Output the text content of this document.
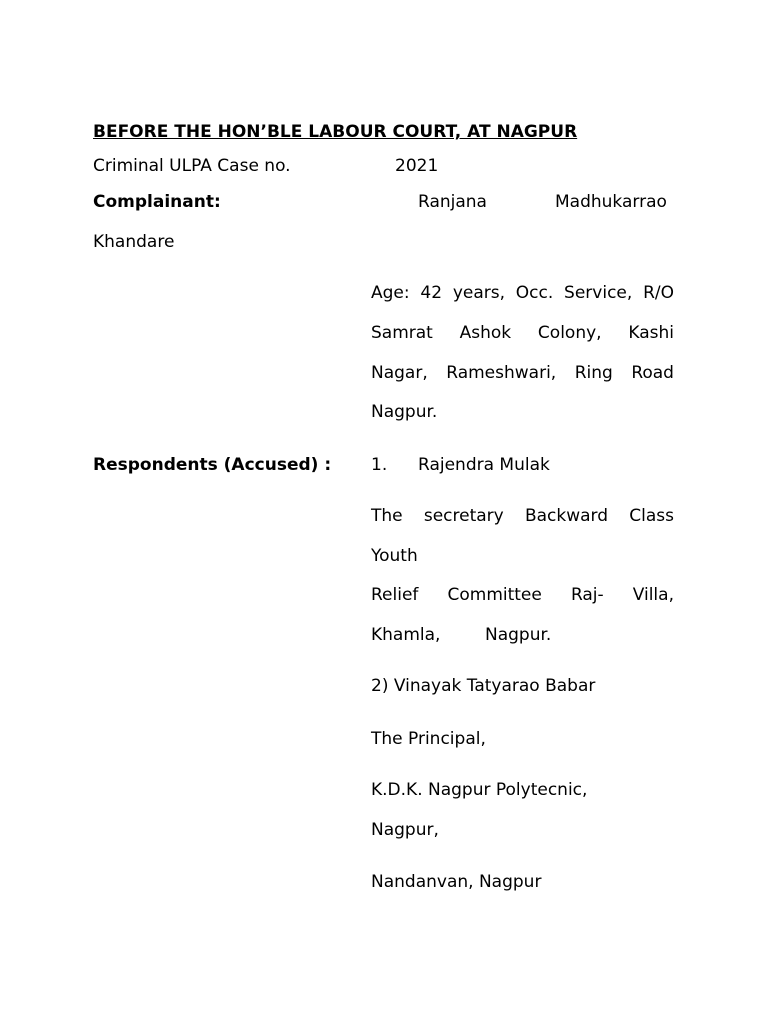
BEFORE THE HON’BLE LABOUR COURT, AT NAGPUR
Criminal ULPA Case no.	2021
Complainant:	Ranjana	Madhukarrao
Khandare
Age: 42 years, Occ. Service, R/O
Samrat Ashok Colony, Kashi
Nagar, Rameshwari, Ring Road
Nagpur.
Respondents (Accused) : 1. Rajendra Mulak
The secretary Backward Class
Youth
Relief Committee Raj- Villa,
Khamla,	Nagpur.
2) Vinayak Tatyarao Babar
The Principal,
K.D.K. Nagpur Polytecnic,
Nagpur,
Nandanvan, Nagpur
